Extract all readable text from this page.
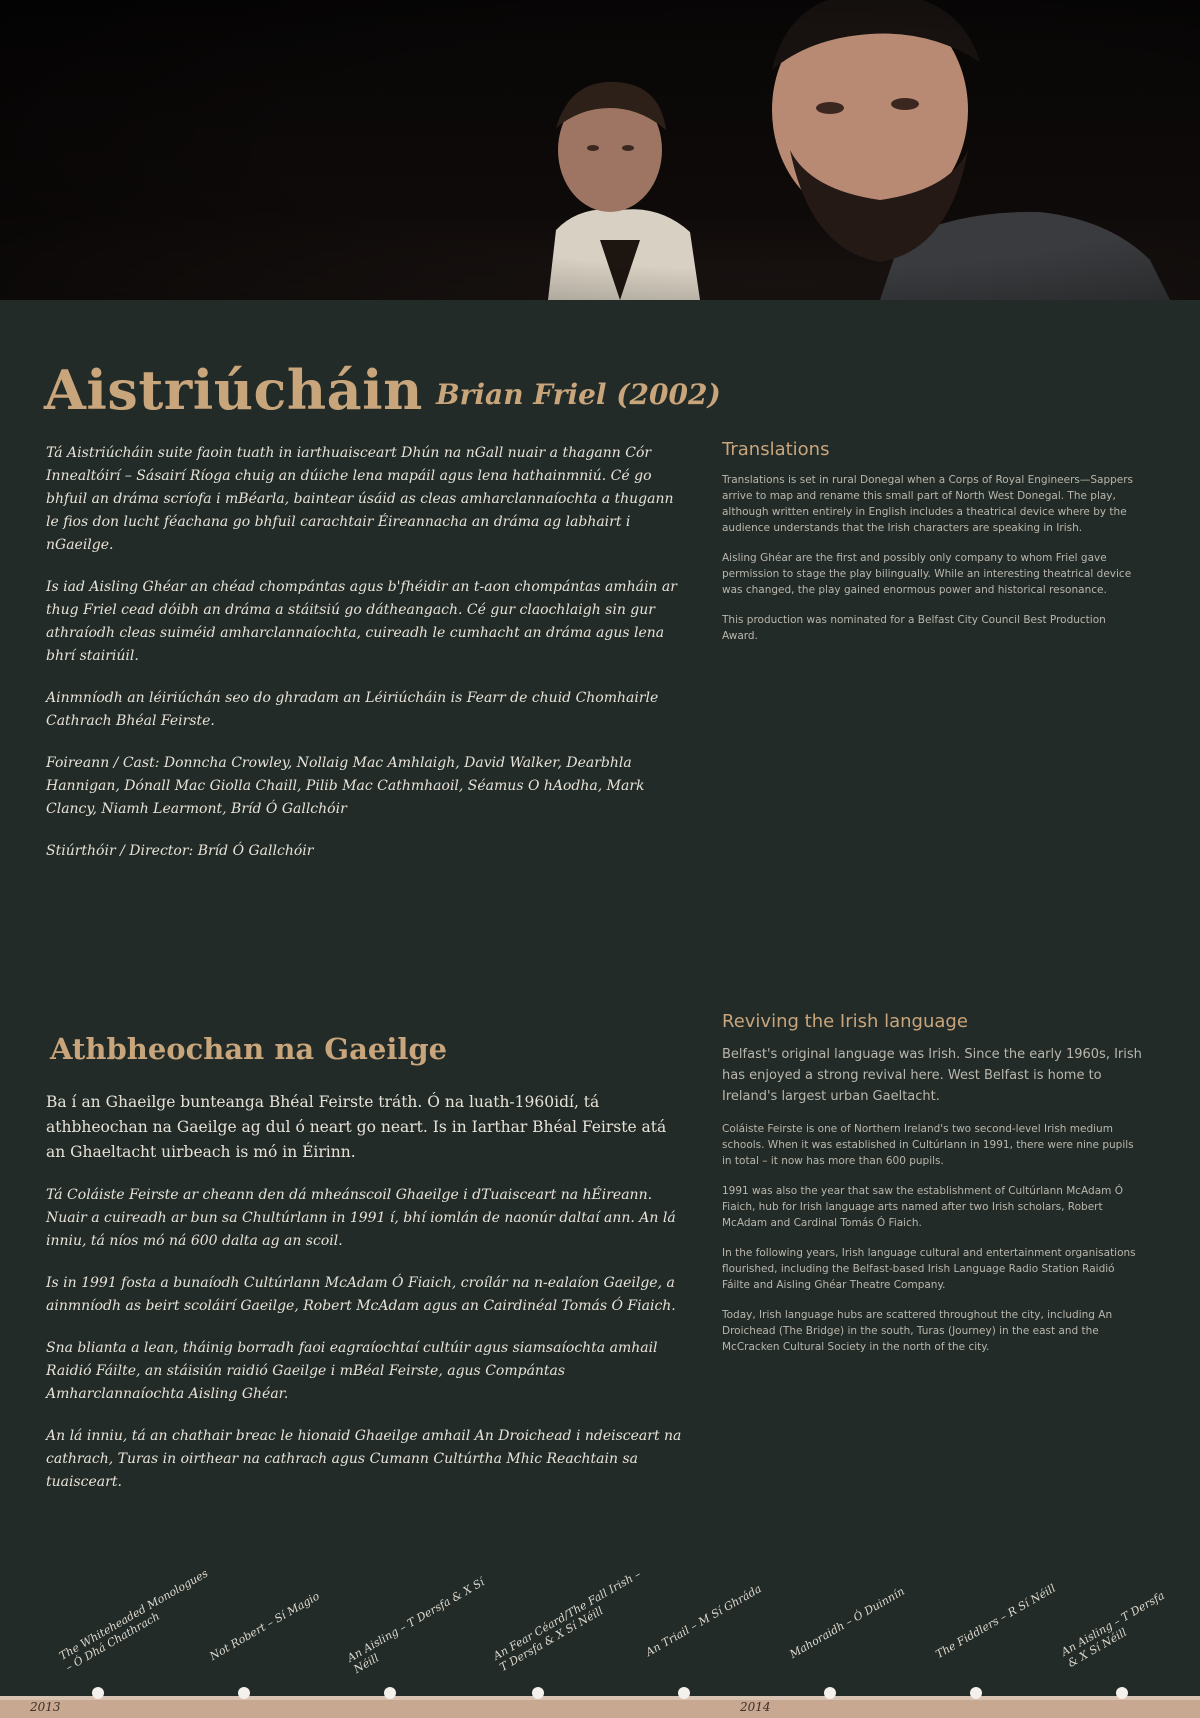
Aistriúcháin Brian Friel (2002)

Tá Aistriúcháin suite faoin tuath in iarthuaisceart Dhún na nGall nuair a thagann Cór Innealtóirí – Sásairí Ríoga chuig an dúiche lena mapáil agus lena hathainmniú. Cé go bhfuil an dráma scríofa i mBéarla, baintear úsáid as cleas amharclannaíochta a thugann le fios don lucht féachana go bhfuil carachtair Éireannacha an dráma ag labhairt i nGaeilge.

Is iad Aisling Ghéar an chéad chompántas agus b'fhéidir an t-aon chompántas amháin ar thug Friel cead dóibh an dráma a stáitsiú go dátheangach. Cé gur claochlaigh sin gur athraíodh cleas suiméid amharclannaíochta, cuireadh le cumhacht an dráma agus lena bhrí stairiúil.

Ainmníodh an léiriúchán seo do ghradam an Léiriúcháin is Fearr de chuid Chomhairle Cathrach Bhéal Feirste.

Foireann / Cast: Donncha Crowley, Nollaig Mac Amhlaigh, David Walker, Dearbhla Hannigan, Dónall Mac Giolla Chaill, Pilib Mac Cathmhaoil, Séamus O hAodha, Mark Clancy, Niamh Learmont, Bríd Ó Gallchóir

Stiúrthóir / Director: Bríd Ó Gallchóir

Translations

Translations is set in rural Donegal when a Corps of Royal Engineers—Sappers arrive to map and rename this small part of North West Donegal. The play, although written entirely in English includes a theatrical device where by the audience understands that the Irish characters are speaking in Irish.

Aisling Ghéar are the first and possibly only company to whom Friel gave permission to stage the play bilingually. While an interesting theatrical device was changed, the play gained enormous power and historical resonance.

This production was nominated for a Belfast City Council Best Production Award.

Athbheochan na Gaeilge

Ba í an Ghaeilge bunteanga Bhéal Feirste tráth. Ó na luath-1960idí, tá athbheochan na Gaeilge ag dul ó neart go neart. Is in Iarthar Bhéal Feirste atá an Ghaeltacht uirbeach is mó in Éirinn.

Tá Coláiste Feirste ar cheann den dá mheánscoil Ghaeilge i dTuaisceart na hÉireann. Nuair a cuireadh ar bun sa Chultúrlann in 1991 í, bhí iomlán de naonúr daltaí ann. An lá inniu, tá níos mó ná 600 dalta ag an scoil.

Is in 1991 fosta a bunaíodh Cultúrlann McAdam Ó Fiaich, croílár na n-ealaíon Gaeilge, a ainmníodh as beirt scoláirí Gaeilge, Robert McAdam agus an Cairdinéal Tomás Ó Fiaich.

Sna blianta a lean, tháinig borradh faoi eagraíochtaí cultúir agus siamsaíochta amhail Raidió Fáilte, an stáisiún raidió Gaeilge i mBéal Feirste, agus Compántas Amharclannaíochta Aisling Ghéar.

An lá inniu, tá an chathair breac le hionaid Ghaeilge amhail An Droichead i ndeisceart na cathrach, Turas in oirthear na cathrach agus Cumann Cultúrtha Mhic Reachtain sa tuaisceart.

Reviving the Irish language

Belfast's original language was Irish. Since the early 1960s, Irish has enjoyed a strong revival here. West Belfast is home to Ireland's largest urban Gaeltacht.

Coláiste Feirste is one of Northern Ireland's two second-level Irish medium schools. When it was established in Cultúrlann in 1991, there were nine pupils in total – it now has more than 600 pupils.

1991 was also the year that saw the establishment of Cultúrlann McAdam Ó Fiaich, hub for Irish language arts named after two Irish scholars, Robert McAdam and Cardinal Tomás Ó Fiaich.

In the following years, Irish language cultural and entertainment organisations flourished, including the Belfast-based Irish Language Radio Station Raidió Fáilte and Aisling Ghéar Theatre Company.

Today, Irish language hubs are scattered throughout the city, including An Droichead (The Bridge) in the south, Turas (Journey) in the east and the McCracken Cultural Society in the north of the city.

The Whiteheaded Monologues – Ó Dhá Chathrach	Not Robert – Sí Magio	An Aisling – T Dersfa & X Sí Néill
An Fear Céard/The Fall Irish – T Dersfa & X Sí Néill	An Triail – M Sí Ghráda	Mahoraidh – Ó Duinnín	The Fiddlers – R Sí Néill An Aisling – T Dersfa & X Sí Néill
2013	2014
